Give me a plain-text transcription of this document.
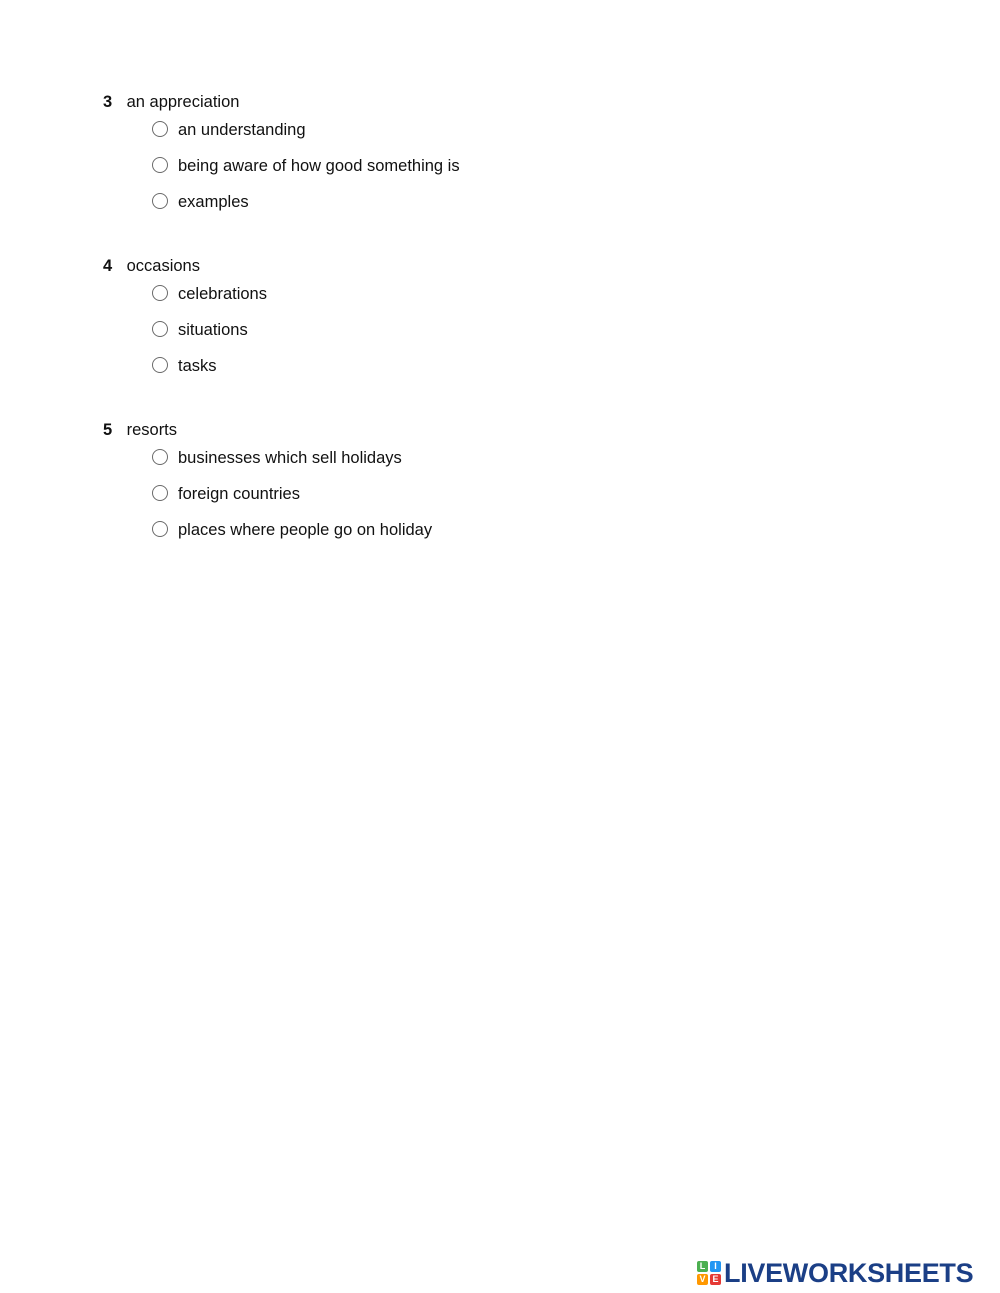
3 an appreciation
an understanding
being aware of how good something is
examples
4 occasions
celebrations
situations
tasks
5 resorts
businesses which sell holidays
foreign countries
places where people go on holiday
L I
V E LIVEWORKSHEETS
